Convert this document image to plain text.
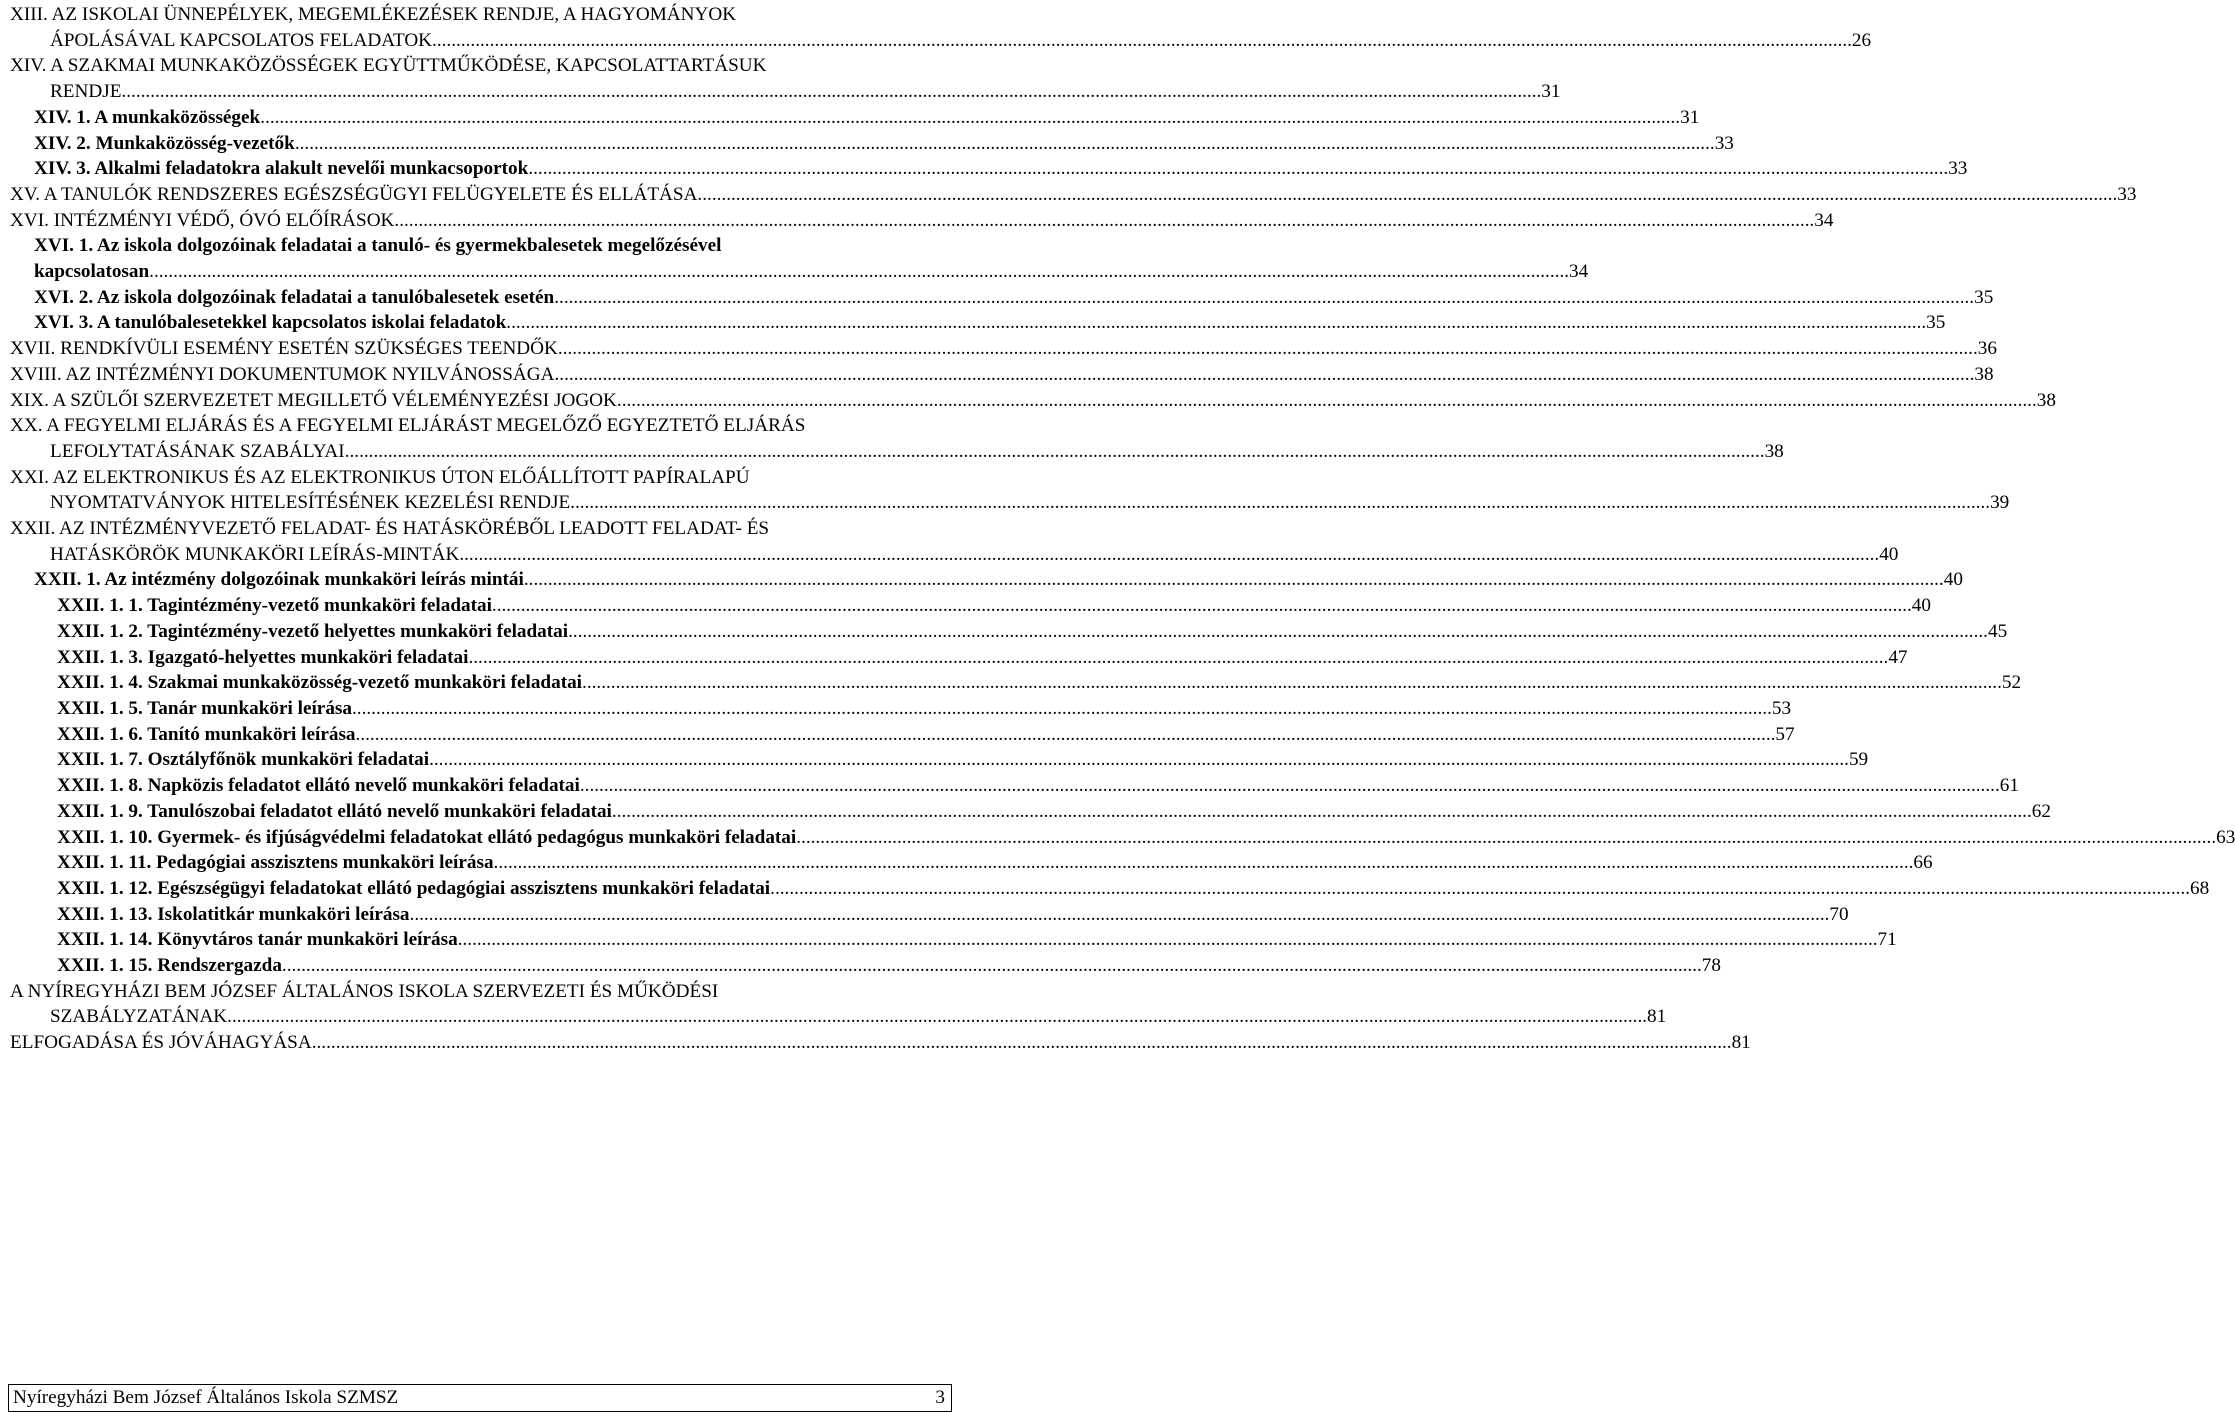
XIII. AZ ISKOLAI ÜNNEPÉLYEK, MEGEMLÉKEZÉSEK RENDJE, A HAGYOMÁNYOK
ÁPOLÁSÁVAL KAPCSOLATOS FELADATOK .....	26
XIV. A SZAKMAI MUNKAKÖZÖSSÉGEK EGYÜTTMŰKÖDÉSE, KAPCSOLATTARTÁSUK
RENDJE .....	31
XIV. 1. A munkaközösségek .....	31
XIV. 2. Munkaközösség-vezetők .....	33
XIV. 3. Alkalmi feladatokra alakult nevelői munkacsoportok .....	33
XV. A TANULÓK RENDSZERES EGÉSZSÉGÜGYI FELÜGYELETE ÉS ELLÁTÁSA .....	33
XVI. INTÉZMÉNYI VÉDŐ, ÓVÓ ELŐÍRÁSOK .....	34
XVI. 1. Az iskola dolgozóinak feladatai a tanuló- és gyermekbalesetek megelőzésével
kapcsolatosan .....	34
XVI. 2. Az iskola dolgozóinak feladatai a tanulóbalesetek esetén .....	35
XVI. 3. A tanulóbalesetekkel kapcsolatos iskolai feladatok .....	35
XVII. RENDKÍVÜLI ESEMÉNY ESETÉN SZÜKSÉGES TEENDŐK .....	36
XVIII. AZ INTÉZMÉNYI DOKUMENTUMOK NYILVÁNOSSÁGA .....	38
XIX. A SZÜLŐI SZERVEZETET MEGILLETŐ VÉLEMÉNYEZÉSI JOGOK .....	38
XX. A FEGYELMI ELJÁRÁS ÉS A FEGYELMI ELJÁRÁST MEGELŐZŐ EGYEZTETŐ ELJÁRÁS
LEFOLYTATÁSÁNAK SZABÁLYAI .....	38
XXI. AZ ELEKTRONIKUS ÉS AZ ELEKTRONIKUS ÚTON ELŐÁLLÍTOTT PAPÍRALAPÚ
NYOMTATVÁNYOK HITELESÍTÉSÉNEK KEZELÉSI RENDJE .....	39
XXII. AZ INTÉZMÉNYVEZETŐ FELADAT- ÉS HATÁSKÖRÉBŐL LEADOTT FELADAT- ÉS
HATÁSKÖRÖK MUNKAKÖRI LEÍRÁS-MINTÁK .....	40
XXII. 1. Az intézmény dolgozóinak munkaköri leírás mintái .....	40
XXII. 1. 1. Tagintézmény-vezető munkaköri feladatai .....	40
XXII. 1. 2. Tagintézmény-vezető helyettes munkaköri feladatai .....	45
XXII. 1. 3. Igazgató-helyettes munkaköri feladatai .....	47
XXII. 1. 4. Szakmai munkaközösség-vezető munkaköri feladatai .....	52
XXII. 1. 5. Tanár munkaköri leírása .....	53
XXII. 1. 6. Tanító munkaköri leírása .....	57
XXII. 1. 7. Osztályfőnök munkaköri feladatai .....	59
XXII. 1. 8. Napközis feladatot ellátó nevelő munkaköri feladatai .....	61
XXII. 1. 9. Tanulószobai feladatot ellátó nevelő munkaköri feladatai .....	62
XXII. 1. 10. Gyermek- és ifjúságvédelmi feladatokat ellátó pedagógus munkaköri feladatai .....	63
XXII. 1. 11. Pedagógiai asszisztens munkaköri leírása .....	66
XXII. 1. 12. Egészségügyi feladatokat ellátó pedagógiai asszisztens munkaköri feladatai .....	68
XXII. 1. 13. Iskolatitkár munkaköri leírása .....	70
XXII. 1. 14. Könyvtáros tanár munkaköri leírása .....	71
XXII. 1. 15. Rendszergazda .....	78
A NYÍREGYHÁZI BEM JÓZSEF ÁLTALÁNOS ISKOLA SZERVEZETI ÉS MŰKÖDÉSI
SZABÁLYZATÁNAK .....	81
ELFOGADÁSA ÉS JÓVÁHAGYÁSA .....	81
Nyíregyházi Bem József Általános Iskola SZMSZ	3
